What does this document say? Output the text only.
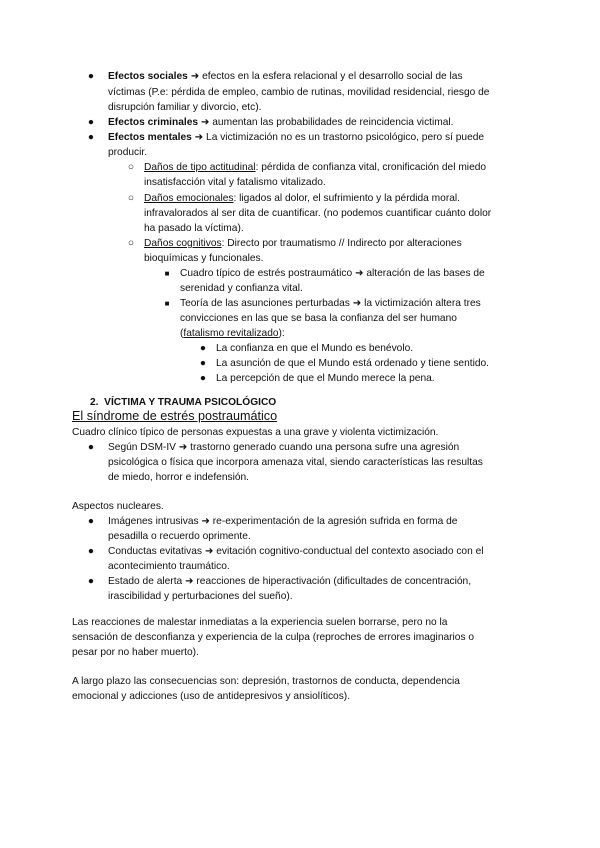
● Efectos sociales ➜ efectos en la esfera relacional y el desarrollo social de las
víctimas (P.e: pérdida de empleo, cambio de rutinas, movilidad residencial, riesgo de
disrupción familiar y divorcio, etc).
● Efectos criminales ➜ aumentan las probabilidades de reincidencia victimal.
● Efectos mentales ➜ La victimización no es un trastorno psicológico, pero sí puede
producir.
○ Daños de tipo actitudinal: pérdida de confianza vital, cronificación del miedo
insatisfacción vital y fatalismo vitalizado.
○ Daños emocionales: ligados al dolor, el sufrimiento y la pérdida moral.
infravalorados al ser dita de cuantificar. (no podemos cuantificar cuánto dolor
ha pasado la víctima).
○ Daños cognitivos: Directo por traumatismo // Indirecto por alteraciones
bioquímicas y funcionales.
■ Cuadro típico de estrés postraumático ➜ alteración de las bases de
serenidad y confianza vital.
■ Teoría de las asunciones perturbadas ➜ la victimización altera tres
convicciones en las que se basa la confianza del ser humano
(fatalismo revitalizado):
● La confianza en que el Mundo es benévolo.
● La asunción de que el Mundo está ordenado y tiene sentido.
● La percepción de que el Mundo merece la pena.
2. VÍCTIMA Y TRAUMA PSICOLÓGICO
El síndrome de estrés postraumático
Cuadro clínico típico de personas expuestas a una grave y violenta victimización.
● Según DSM-IV ➜ trastorno generado cuando una persona sufre una agresión
psicológica o física que incorpora amenaza vital, siendo características las resultas
de miedo, horror e indefensión.
Aspectos nucleares.
● Imágenes intrusivas ➜ re-experimentación de la agresión sufrida en forma de
pesadilla o recuerdo oprimente.
● Conductas evitativas ➜ evitación cognitivo-conductual del contexto asociado con el
acontecimiento traumático.
● Estado de alerta ➜ reacciones de hiperactivación (dificultades de concentración,
irascibilidad y perturbaciones del sueño).
Las reacciones de malestar inmediatas a la experiencia suelen borrarse, pero no la
sensación de desconfianza y experiencia de la culpa (reproches de errores imaginarios o
pesar por no haber muerto).
A largo plazo las consecuencias son: depresión, trastornos de conducta, dependencia
emocional y adicciones (uso de antidepresivos y ansiolíticos).
